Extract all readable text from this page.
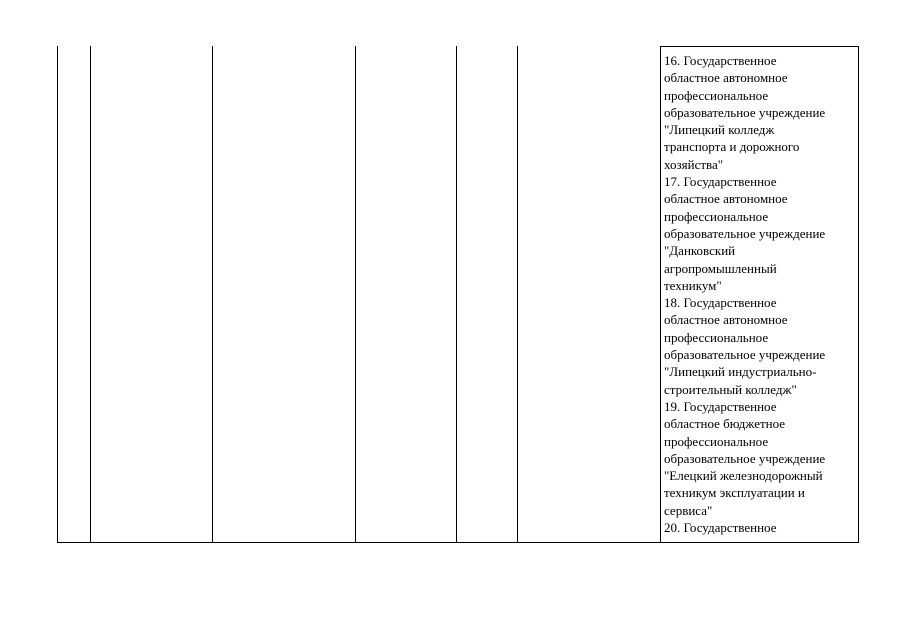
16. Государственное
областное автономное
профессиональное
образовательное учреждение
"Липецкий колледж
транспорта и дорожного
хозяйства"
17. Государственное
областное автономное
профессиональное
образовательное учреждение
"Данковский
агропромышленный
техникум"
18. Государственное
областное автономное
профессиональное
образовательное учреждение
"Липецкий индустриально-
строительный колледж"
19. Государственное
областное бюджетное
профессиональное
образовательное учреждение
"Елецкий железнодорожный
техникум эксплуатации и
сервиса"
20. Государственное
